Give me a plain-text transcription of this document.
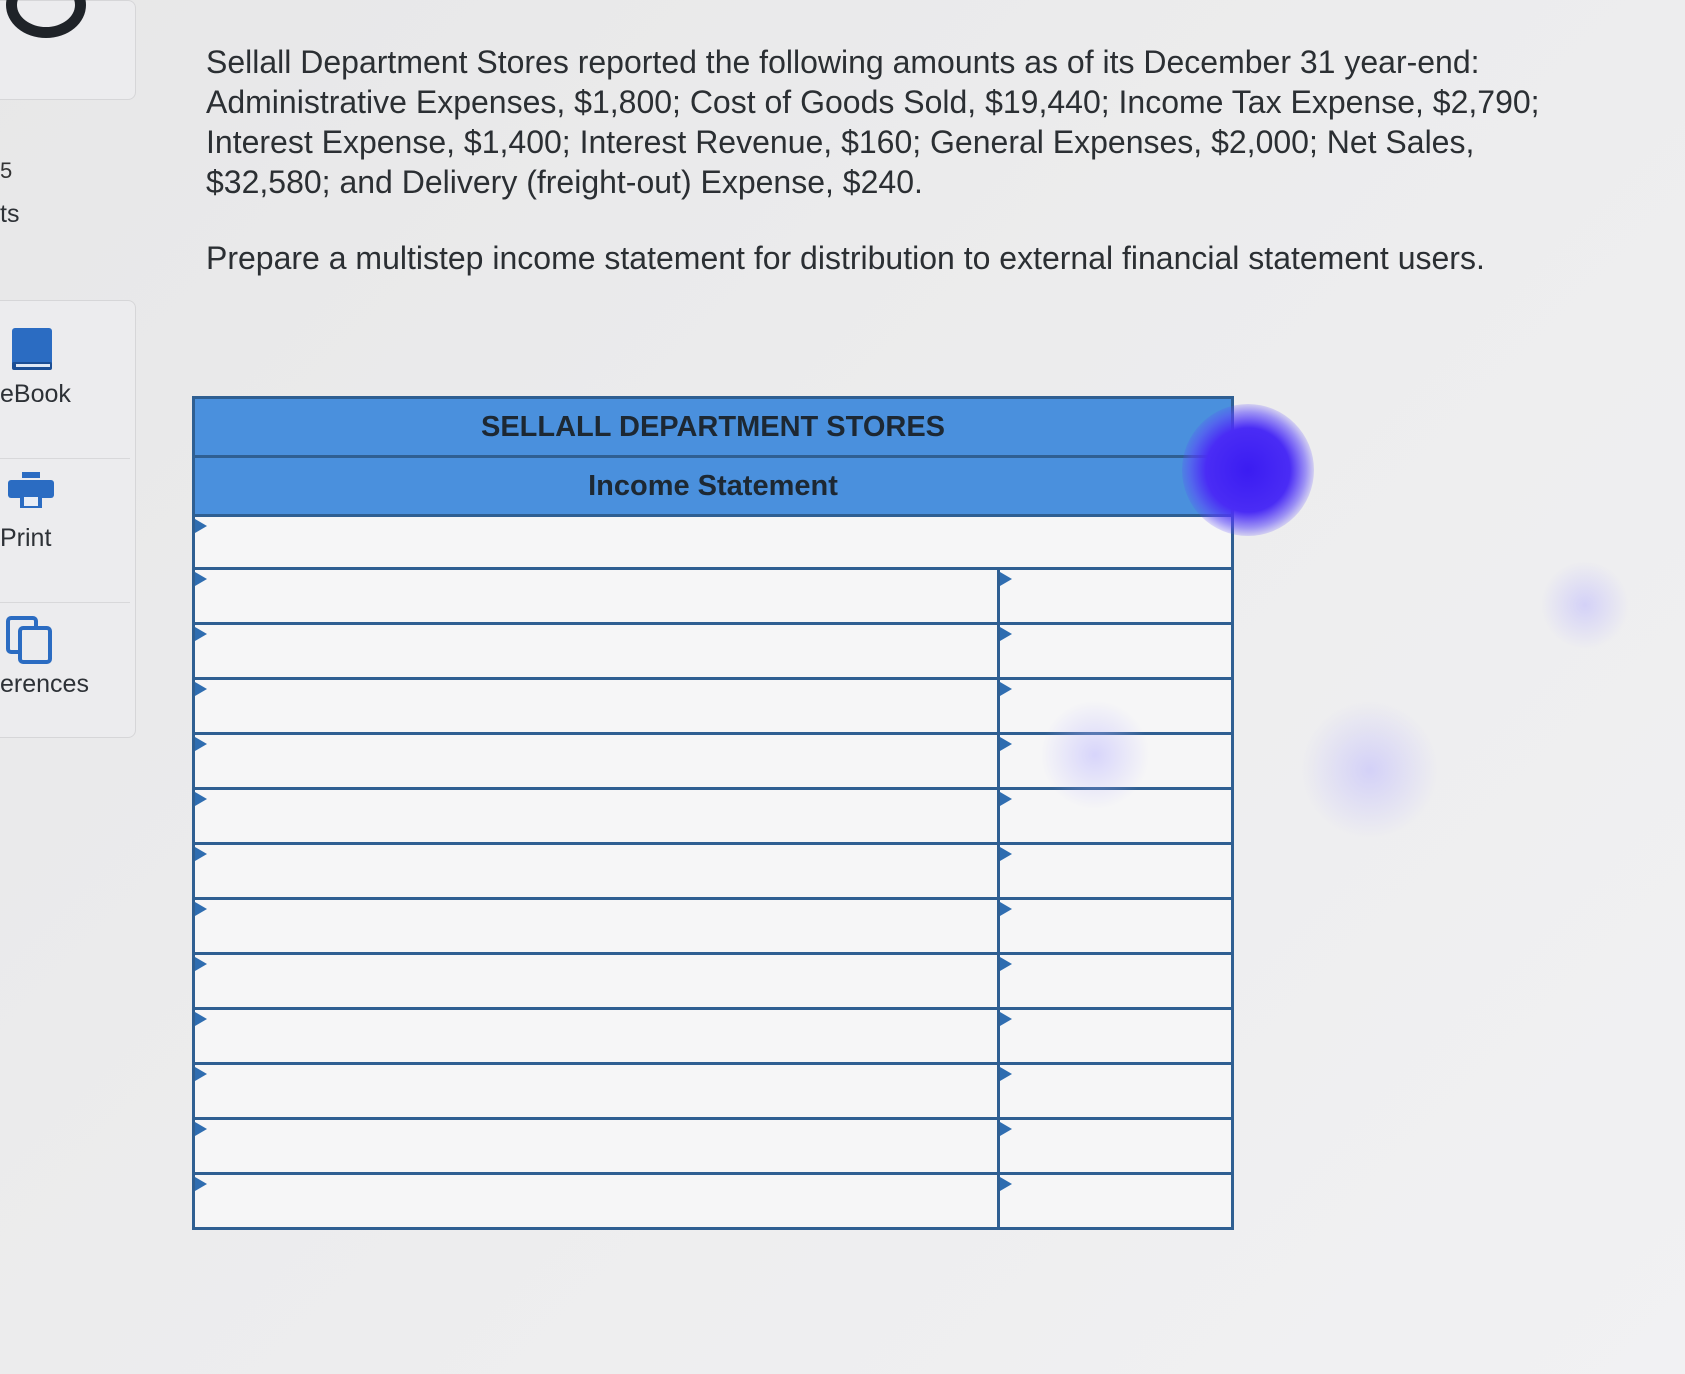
5
ts
eBook
Print
erences

Sellall Department Stores reported the following amounts as of its December 31 year-end: Administrative Expenses, $1,800; Cost of Goods Sold, $19,440; Income Tax Expense, $2,790; Interest Expense, $1,400; Interest Revenue, $160; General Expenses, $2,000; Net Sales, $32,580; and Delivery (freight-out) Expense, $240.

Prepare a multistep income statement for distribution to external financial statement users.

SELLALL DEPARTMENT STORES
Income Statement
